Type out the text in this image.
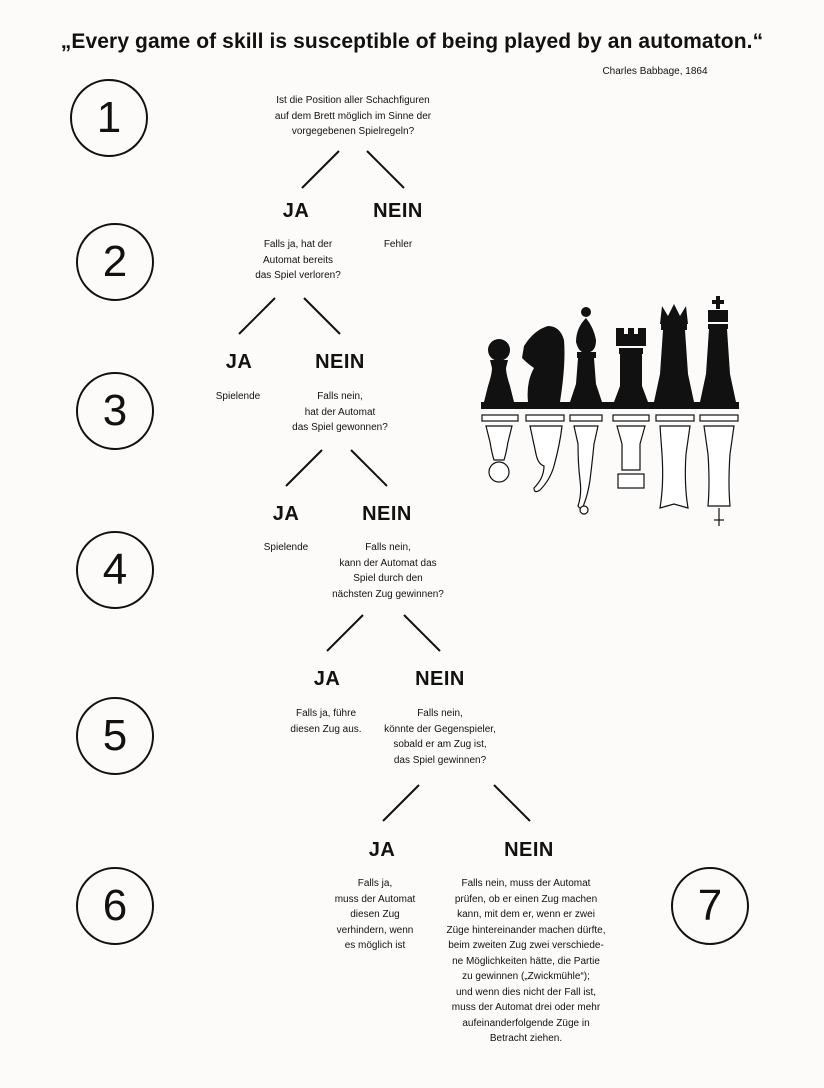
„Every game of skill is susceptible of being played by an automaton.“
Charles Babbage, 1864
1
2
3
4
5
6	7
Ist die Position aller Schachfiguren
auf dem Brett möglich im Sinne der
vorgegebenen Spielregeln?
JA	NEIN
Falls ja, hat der
Automat bereits
das Spiel verloren?
Fehler
JA	NEIN
Spielende	Falls nein,
hat der Automat
das Spiel gewonnen?
JA	NEIN
Spielende	Falls nein,
kann der Automat das
Spiel durch den
nächsten Zug gewinnen?
JA	NEIN
Falls ja, führe
diesen Zug aus.
Falls nein,
könnte der Gegenspieler,
sobald er am Zug ist,
das Spiel gewinnen?
JA	NEIN
Falls ja,
muss der Automat
diesen Zug
verhindern, wenn
es möglich ist
Falls nein, muss der Automat
prüfen, ob er einen Zug machen
kann, mit dem er, wenn er zwei
Züge hintereinander machen dürfte,
beim zweiten Zug zwei verschiede-
ne Möglichkeiten hätte, die Partie
zu gewinnen („Zwickmühle“);
und wenn dies nicht der Fall ist,
muss der Automat drei oder mehr
aufeinanderfolgende Züge in
Betracht ziehen.
